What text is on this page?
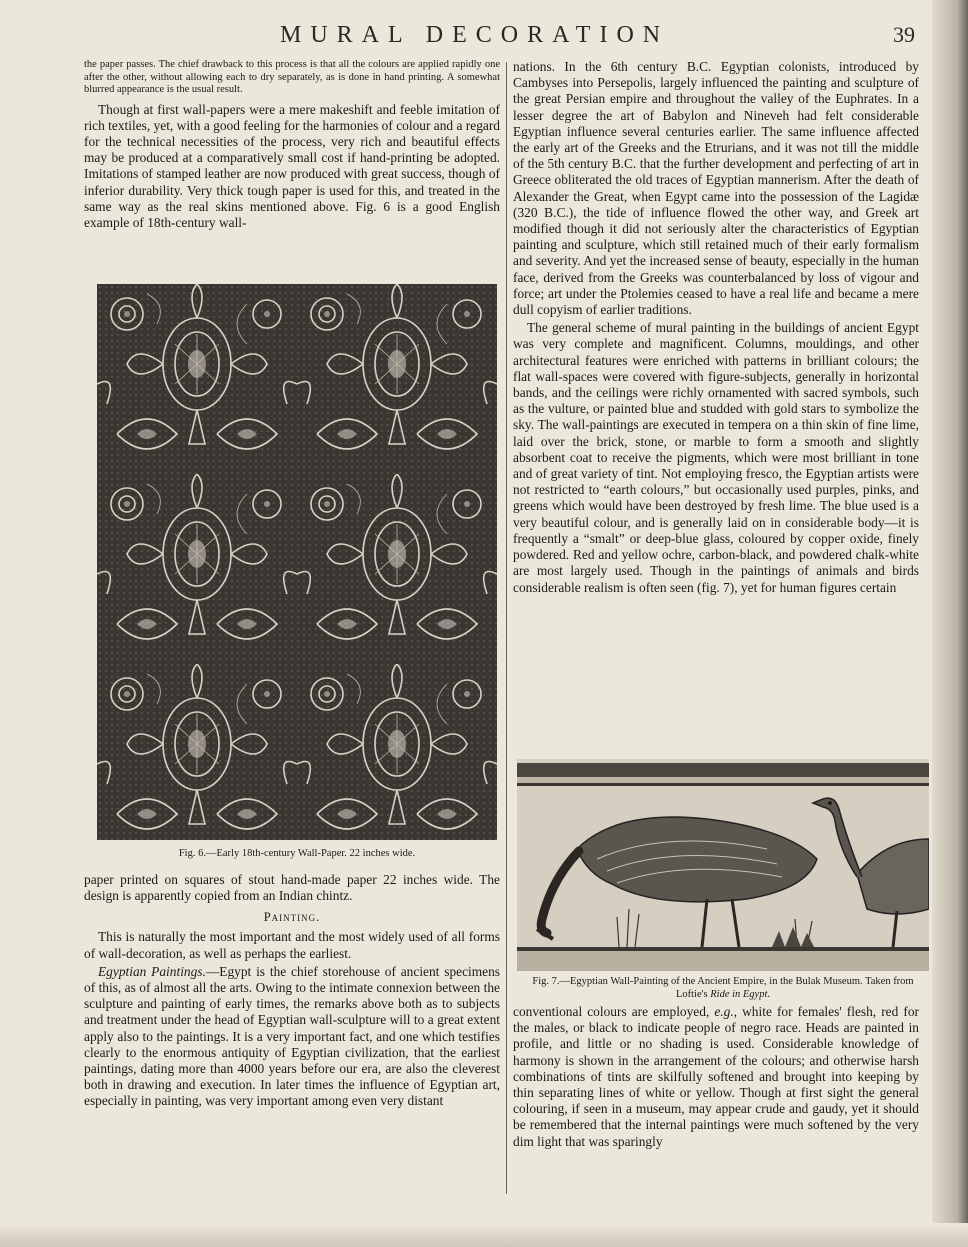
MURAL DECORATION	39

the paper passes. The chief drawback to this process is that all the colours are applied rapidly one after the other, without allowing each to dry separately, as is done in hand printing. A somewhat blurred appearance is the usual result.

Though at first wall-papers were a mere makeshift and feeble imitation of rich textiles, yet, with a good feeling for the harmonies of colour and a regard for the technical necessities of the process, very rich and beautiful effects may be produced at a comparatively small cost if hand-printing be adopted. Imitations of stamped leather are now produced with great success, though of inferior durability. Very thick tough paper is used for this, and treated in the same way as the real skins mentioned above. Fig. 6 is a good English example of 18th-century wall-

Fig. 6.—Early 18th-century Wall-Paper. 22 inches wide.

paper printed on squares of stout hand-made paper 22 inches wide. The design is apparently copied from an Indian chintz.

Painting.

This is naturally the most important and the most widely used of all forms of wall-decoration, as well as perhaps the earliest.

Egyptian Paintings.—Egypt is the chief storehouse of ancient specimens of this, as of almost all the arts. Owing to the intimate connexion between the sculpture and painting of early times, the remarks above both as to subjects and treatment under the head of Egyptian wall-sculpture will to a great extent apply also to the paintings. It is a very important fact, and one which testifies clearly to the enormous antiquity of Egyptian civilization, that the earliest paintings, dating more than 4000 years before our era, are also the cleverest both in drawing and execution. In later times the influence of Egyptian art, especially in painting, was very important among even very distant

nations. In the 6th century B.C. Egyptian colonists, introduced by Cambyses into Persepolis, largely influenced the painting and sculpture of the great Persian empire and throughout the valley of the Euphrates. In a lesser degree the art of Babylon and Nineveh had felt considerable Egyptian influence several centuries earlier. The same influence affected the early art of the Greeks and the Etrurians, and it was not till the middle of the 5th century B.C. that the further development and perfecting of art in Greece obliterated the old traces of Egyptian mannerism. After the death of Alexander the Great, when Egypt came into the possession of the Lagidæ (320 B.C.), the tide of influence flowed the other way, and Greek art modified though it did not seriously alter the characteristics of Egyptian painting and sculpture, which still retained much of their early formalism and severity. And yet the increased sense of beauty, especially in the human face, derived from the Greeks was counterbalanced by loss of vigour and force; art under the Ptolemies ceased to have a real life and became a mere dull copyism of earlier traditions.

The general scheme of mural painting in the buildings of ancient Egypt was very complete and magnificent. Columns, mouldings, and other architectural features were enriched with patterns in brilliant colours; the flat wall-spaces were covered with figure-subjects, generally in horizontal bands, and the ceilings were richly ornamented with sacred symbols, such as the vulture, or painted blue and studded with gold stars to symbolize the sky. The wall-paintings are executed in tempera on a thin skin of fine lime, laid over the brick, stone, or marble to form a smooth and slightly absorbent coat to receive the pigments, which were most brilliant in tone and of great variety of tint. Not employing fresco, the Egyptian artists were not restricted to “earth colours,” but occasionally used purples, pinks, and greens which would have been destroyed by fresh lime. The blue used is a very beautiful colour, and is generally laid on in considerable body—it is frequently a “smalt” or deep-blue glass, coloured by copper oxide, finely powdered. Red and yellow ochre, carbon-black, and powdered chalk-white are most largely used. Though in the paintings of animals and birds considerable realism is often seen (fig. 7), yet for human figures certain

Fig. 7.—Egyptian Wall-Painting of the Ancient Empire, in the Bulak Museum. Taken from Loftie's Ride in Egypt.

conventional colours are employed, e.g., white for females' flesh, red for the males, or black to indicate people of negro race. Heads are painted in profile, and little or no shading is used. Considerable knowledge of harmony is shown in the arrangement of the colours; and otherwise harsh combinations of tints are skilfully softened and brought into keeping by thin separating lines of white or yellow. Though at first sight the general colouring, if seen in a museum, may appear crude and gaudy, yet it should be remembered that the internal paintings were much softened by the very dim light that was sparingly
